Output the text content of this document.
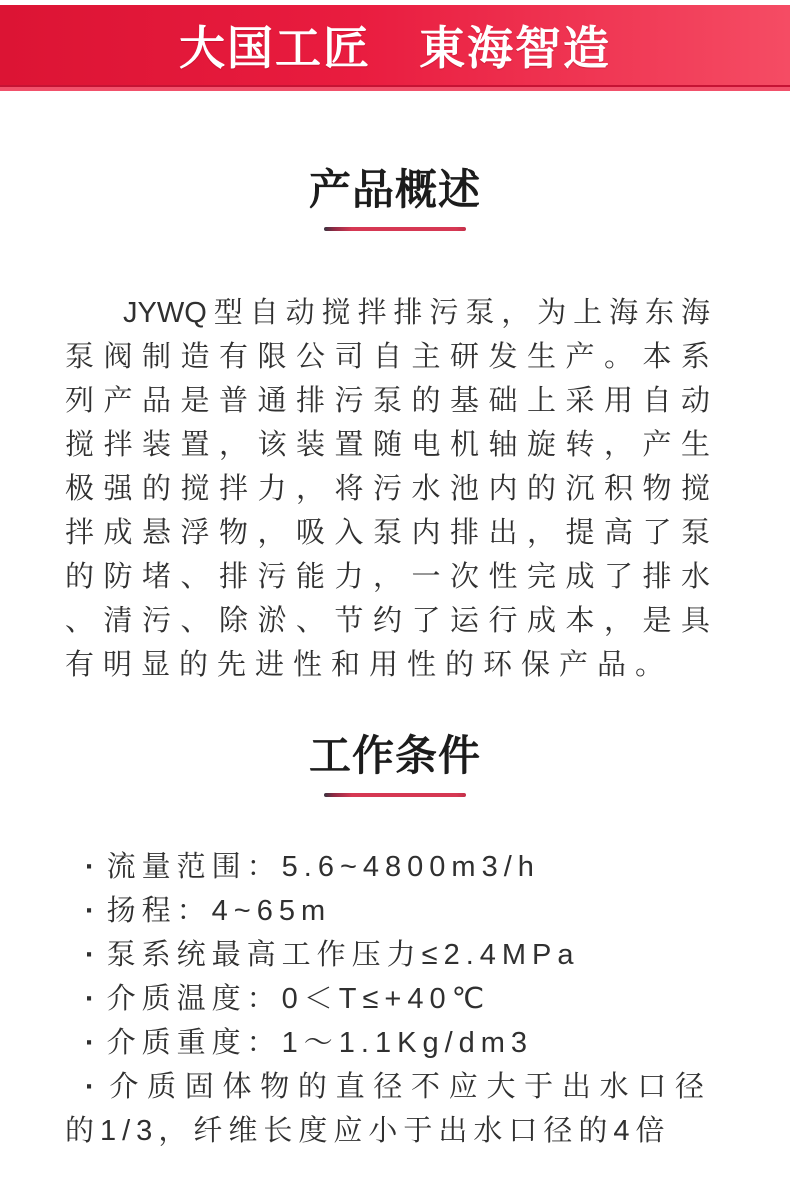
大国工匠　東海智造
产品概述
JYWQ型自动搅拌排污泵，为上海东海
泵阀制造有限公司自主研发生产。本系
列产品是普通排污泵的基础上采用自动
搅拌装置，该装置随电机轴旋转，产生
极强的搅拌力，将污水池内的沉积物搅
拌成悬浮物，吸入泵内排出，提高了泵
的防堵、排污能力，一次性完成了排水
、清污、除淤、节约了运行成本，是具
有明显的先进性和用性的环保产品。
工作条件
· 流量范围：5.6~4800m3/h
· 扬程：4~65m
· 泵系统最高工作压力≤2.4MPa
· 介质温度：0＜T≤+40℃
· 介质重度：1～1.1Kg/dm3
· 介质固体物的直径不应大于出水口径
的1/3，纤维长度应小于出水口径的4倍
